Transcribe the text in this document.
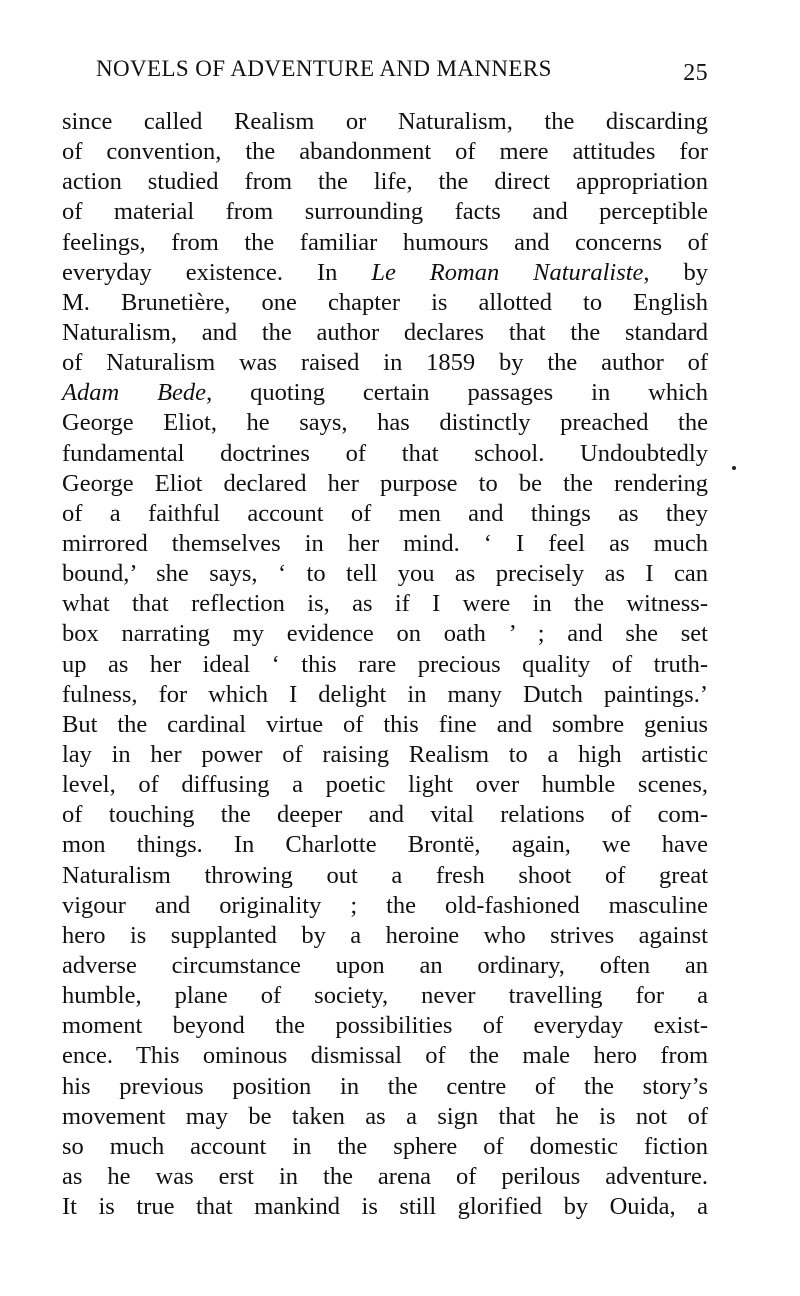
NOVELS OF ADVENTURE AND MANNERS	25
since called Realism or Naturalism, the discarding
of convention, the abandonment of mere attitudes for
action studied from the life, the direct appropriation
of material from surrounding facts and perceptible
feelings, from the familiar humours and concerns of
everyday existence. In Le Roman Naturaliste, by
M. Brunetière, one chapter is allotted to English
Naturalism, and the author declares that the standard
of Naturalism was raised in 1859 by the author of
Adam Bede, quoting certain passages in which
George Eliot, he says, has distinctly preached the
fundamental doctrines of that school. Undoubtedly
George Eliot declared her purpose to be the rendering
of a faithful account of men and things as they
mirrored themselves in her mind. ‘ I feel as much
bound,’ she says, ‘ to tell you as precisely as I can
what that reflection is, as if I were in the witness-
box narrating my evidence on oath ’ ; and she set
up as her ideal ‘ this rare precious quality of truth-
fulness, for which I delight in many Dutch paintings.’
But the cardinal virtue of this fine and sombre genius
lay in her power of raising Realism to a high artistic
level, of diffusing a poetic light over humble scenes,
of touching the deeper and vital relations of com-
mon things. In Charlotte Brontë, again, we have
Naturalism throwing out a fresh shoot of great
vigour and originality ; the old-fashioned masculine
hero is supplanted by a heroine who strives against
adverse circumstance upon an ordinary, often an
humble, plane of society, never travelling for a
moment beyond the possibilities of everyday exist-
ence. This ominous dismissal of the male hero from
his previous position in the centre of the story’s
movement may be taken as a sign that he is not of
so much account in the sphere of domestic fiction
as he was erst in the arena of perilous adventure.
It is true that mankind is still glorified by Ouida, a
